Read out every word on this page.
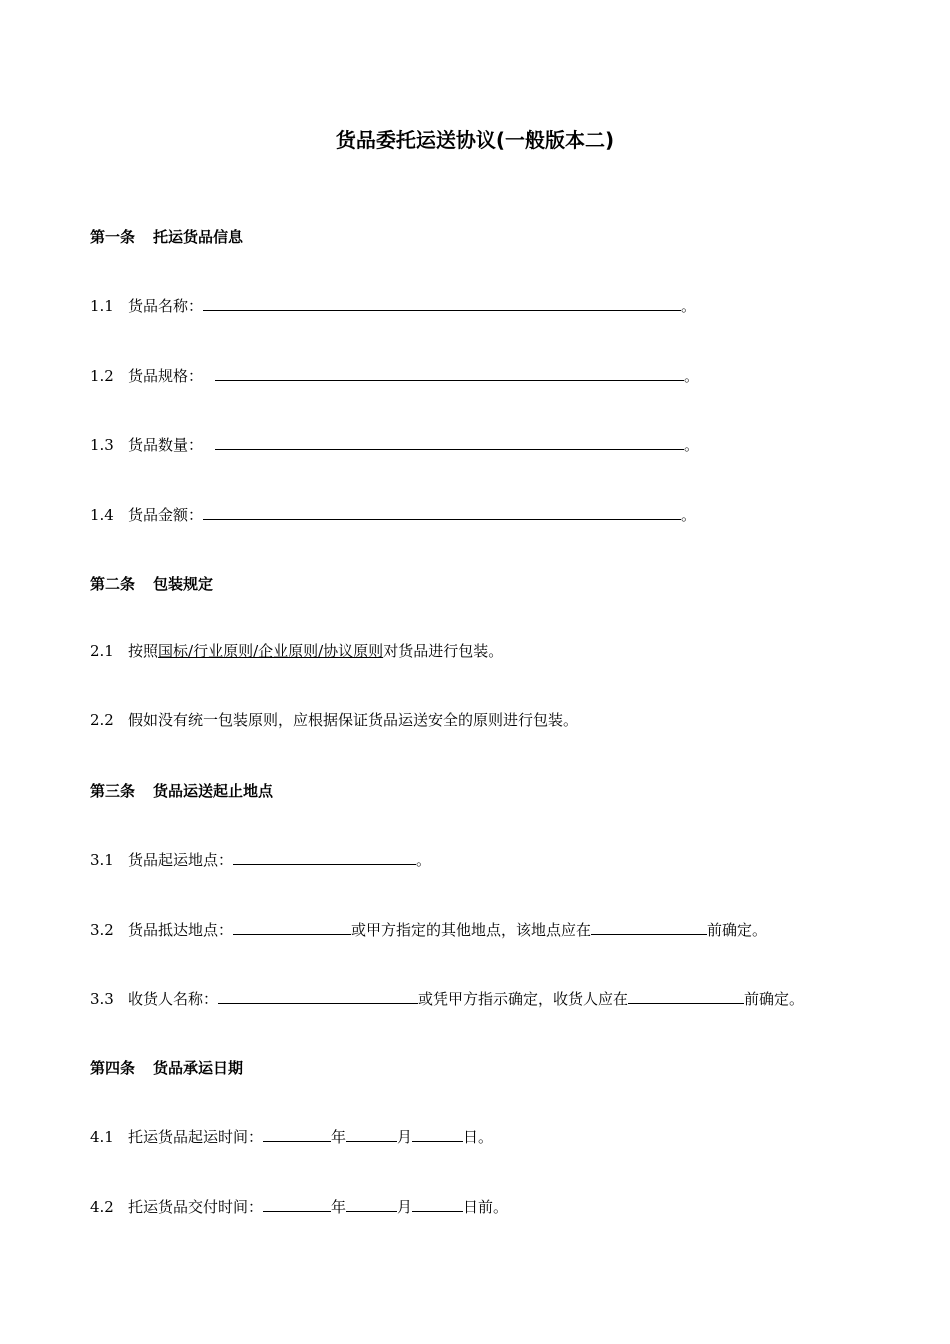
货品委托运送协议(一般版本二)
第一条 托运货品信息
1.1 货品名称：	。
1.2 货品规格：	。
1.3 货品数量：	。
1.4 货品金额：	。
第二条 包装规定
2.1 按照国标/行业原则/企业原则/协议原则对货品进行包装。
2.2 假如没有统一包装原则，应根据保证货品运送安全的原则进行包装。
第三条 货品运送起止地点
3.1 货品起运地点：	。
3.2 货品抵达地点：	或甲方指定的其他地点，该地点应在	前确定。
3.3 收货人名称：	或凭甲方指示确定，收货人应在	前确定。
第四条 货品承运日期
4.1 托运货品起运时间：	年	月	日。
4.2 托运货品交付时间：	年	月	日前。
